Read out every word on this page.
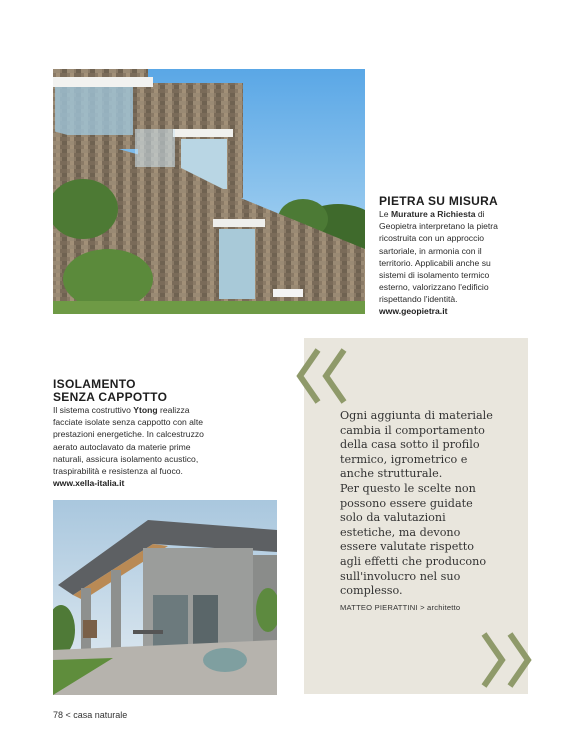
PIETRA SU MISURA
Le Murature a Richiesta di
Geopietra interpretano la pietra
ricostruita con un approccio
sartoriale, in armonia con il
territorio. Applicabili anche su
sistemi di isolamento termico
esterno, valorizzano l'edificio
rispettando l'identità.
www.geopietra.it
ISOLAMENTO
SENZA CAPPOTTO
Il sistema costruttivo Ytong realizza
facciate isolate senza cappotto con alte
prestazioni energetiche. In calcestruzzo
aerato autoclavato da materie prime
naturali, assicura isolamento acustico,
traspirabilità e resistenza al fuoco.
www.xella-italia.it
Ogni aggiunta di materiale
cambia il comportamento
della casa sotto il profilo
termico, igrometrico e
anche strutturale.
Per questo le scelte non
possono essere guidate
solo da valutazioni
estetiche, ma devono
essere valutate rispetto
agli effetti che producono
sull'involucro nel suo
complesso.
MATTEO PIERATTINI > architetto
78 < casa naturale
